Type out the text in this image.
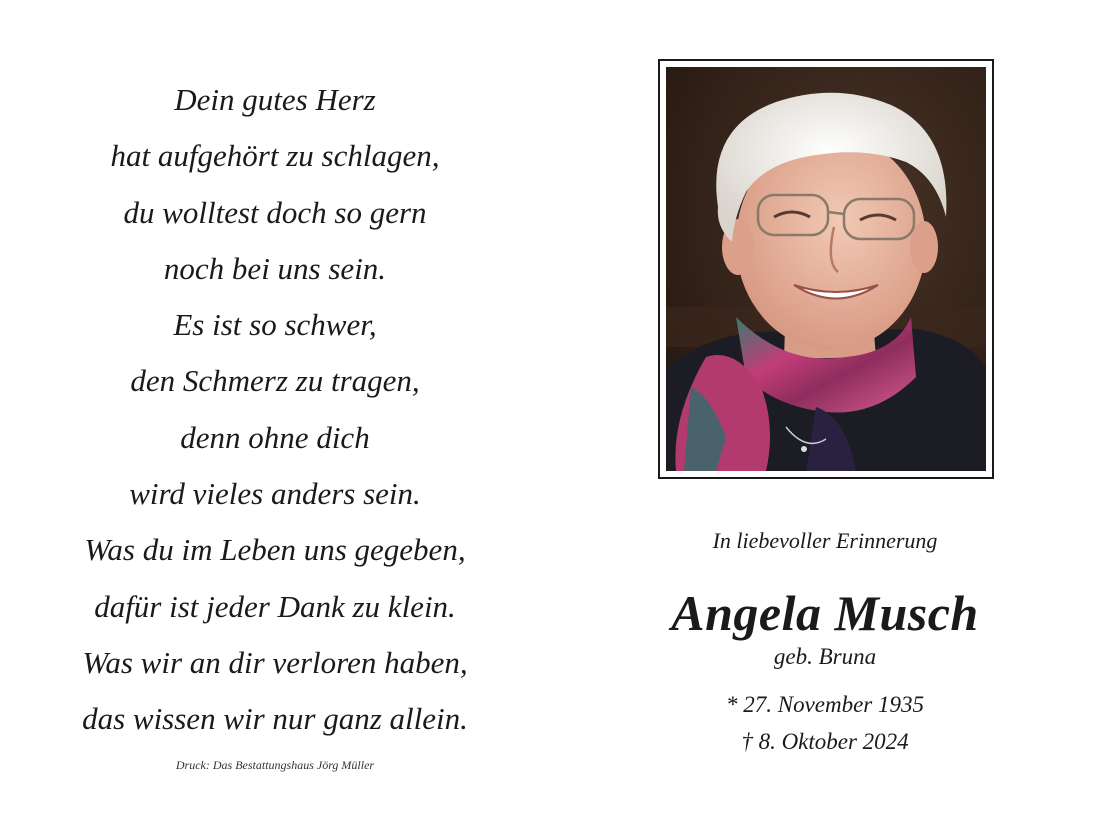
Dein gutes Herz
hat aufgehört zu schlagen,
du wolltest doch so gern
noch bei uns sein.
Es ist so schwer,
den Schmerz zu tragen,
denn ohne dich
wird vieles anders sein.
Was du im Leben uns gegeben,
dafür ist jeder Dank zu klein.
Was wir an dir verloren haben,
das wissen wir nur ganz allein.
Druck: Das Bestattungshaus Jörg Müller
In liebevoller Erinnerung
Angela Musch
geb. Bruna
* 27. November 1935
† 8. Oktober 2024
